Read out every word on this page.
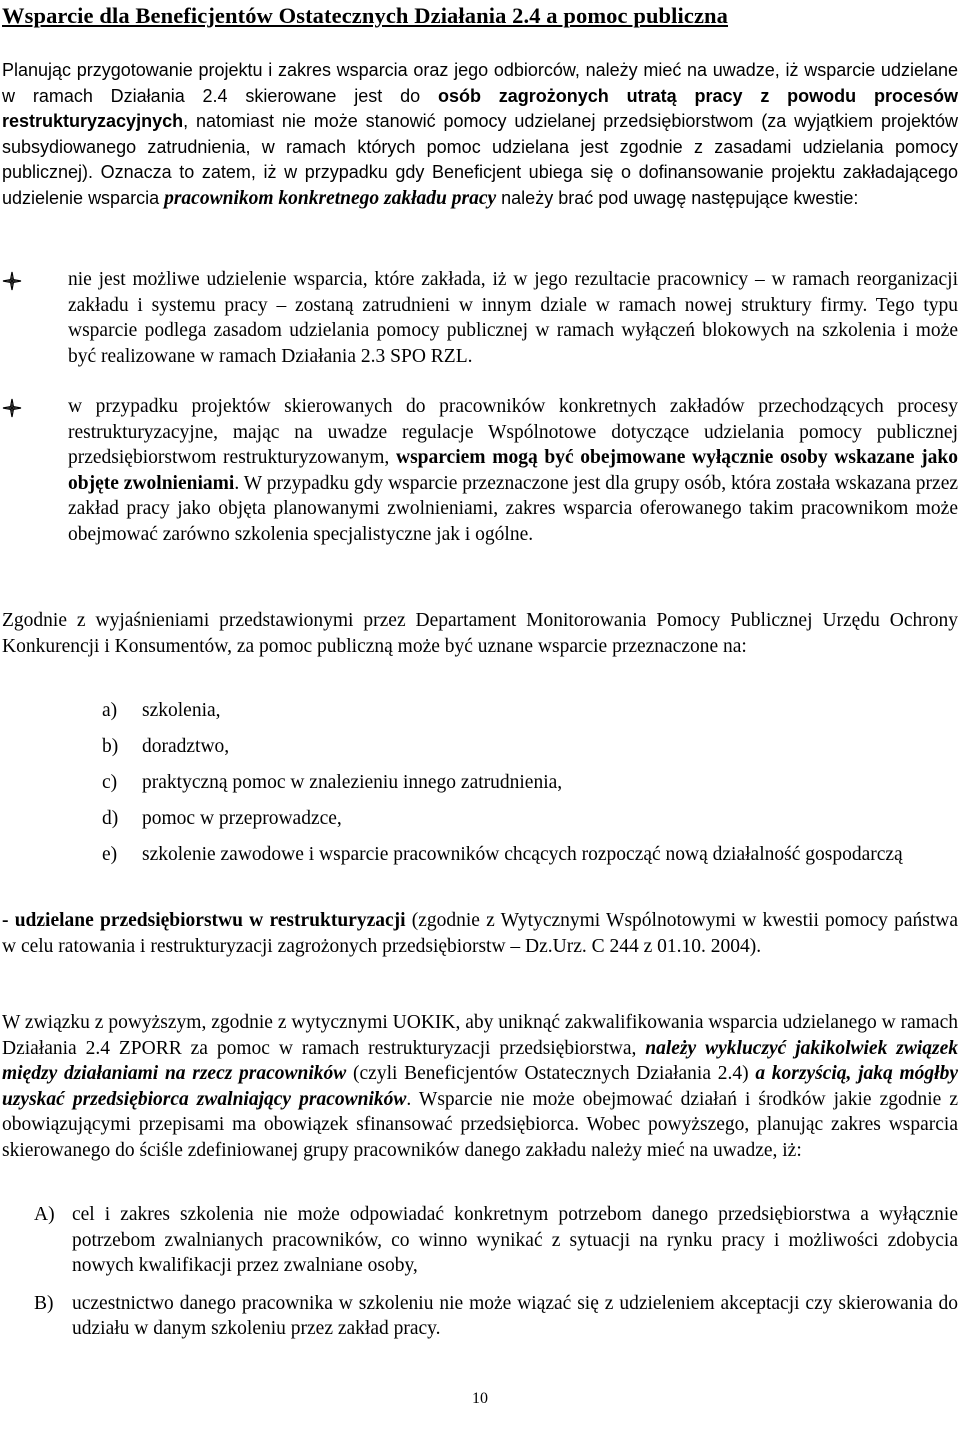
Wsparcie dla Beneficjentów Ostatecznych Działania 2.4 a pomoc publiczna

Planując przygotowanie projektu i zakres wsparcia oraz jego odbiorców, należy mieć na uwadze, iż wsparcie udzielane w ramach Działania 2.4 skierowane jest do osób zagrożonych utratą pracy z powodu procesów restrukturyzacyjnych, natomiast nie może stanowić pomocy udzielanej przedsiębiorstwom (za wyjątkiem projektów subsydiowanego zatrudnienia, w ramach których pomoc udzielana jest zgodnie z zasadami udzielania pomocy publicznej). Oznacza to zatem, iż w przypadku gdy Beneficjent ubiega się o dofinansowanie projektu zakładającego udzielenie wsparcia pracownikom konkretnego zakładu pracy należy brać pod uwagę następujące kwestie:

nie jest możliwe udzielenie wsparcia, które zakłada, iż w jego rezultacie pracownicy – w ramach reorganizacji zakładu i systemu pracy – zostaną zatrudnieni w innym dziale w ramach nowej struktury firmy. Tego typu wsparcie podlega zasadom udzielania pomocy publicznej w ramach wyłączeń blokowych na szkolenia i może być realizowane w ramach Działania 2.3 SPO RZL.

w przypadku projektów skierowanych do pracowników konkretnych zakładów przechodzących procesy restrukturyzacyjne, mając na uwadze regulacje Wspólnotowe dotyczące udzielania pomocy publicznej przedsiębiorstwom restrukturyzowanym, wsparciem mogą być obejmowane wyłącznie osoby wskazane jako objęte zwolnieniami. W przypadku gdy wsparcie przeznaczone jest dla grupy osób, która została wskazana przez zakład pracy jako objęta planowanymi zwolnieniami, zakres wsparcia oferowanego takim pracownikom może obejmować zarówno szkolenia specjalistyczne jak i ogólne.

Zgodnie z wyjaśnieniami przedstawionymi przez Departament Monitorowania Pomocy Publicznej Urzędu Ochrony Konkurencji i Konsumentów, za pomoc publiczną może być uznane wsparcie przeznaczone na:

a) szkolenia,
b) doradztwo,
c) praktyczną pomoc w znalezieniu innego zatrudnienia,
d) pomoc w przeprowadzce,
e) szkolenie zawodowe i wsparcie pracowników chcących rozpocząć nową działalność gospodarczą

- udzielane przedsiębiorstwu w restrukturyzacji (zgodnie z Wytycznymi Wspólnotowymi w kwestii pomocy państwa w celu ratowania i restrukturyzacji zagrożonych przedsiębiorstw – Dz.Urz. C 244 z 01.10. 2004).

W związku z powyższym, zgodnie z wytycznymi UOKIK, aby uniknąć zakwalifikowania wsparcia udzielanego w ramach Działania 2.4 ZPORR za pomoc w ramach restrukturyzacji przedsiębiorstwa, należy wykluczyć jakikolwiek związek między działaniami na rzecz pracowników (czyli Beneficjentów Ostatecznych Działania 2.4) a korzyścią, jaką mógłby uzyskać przedsiębiorca zwalniający pracowników. Wsparcie nie może obejmować działań i środków jakie zgodnie z obowiązującymi przepisami ma obowiązek sfinansować przedsiębiorca. Wobec powyższego, planując zakres wsparcia skierowanego do ściśle zdefiniowanej grupy pracowników danego zakładu należy mieć na uwadze, iż:

A) cel i zakres szkolenia nie może odpowiadać konkretnym potrzebom danego przedsiębiorstwa a wyłącznie potrzebom zwalnianych pracowników, co winno wynikać z sytuacji na rynku pracy i możliwości zdobycia nowych kwalifikacji przez zwalniane osoby,

B) uczestnictwo danego pracownika w szkoleniu nie może wiązać się z udzieleniem akceptacji czy skierowania do udziału w danym szkoleniu przez zakład pracy.

10
